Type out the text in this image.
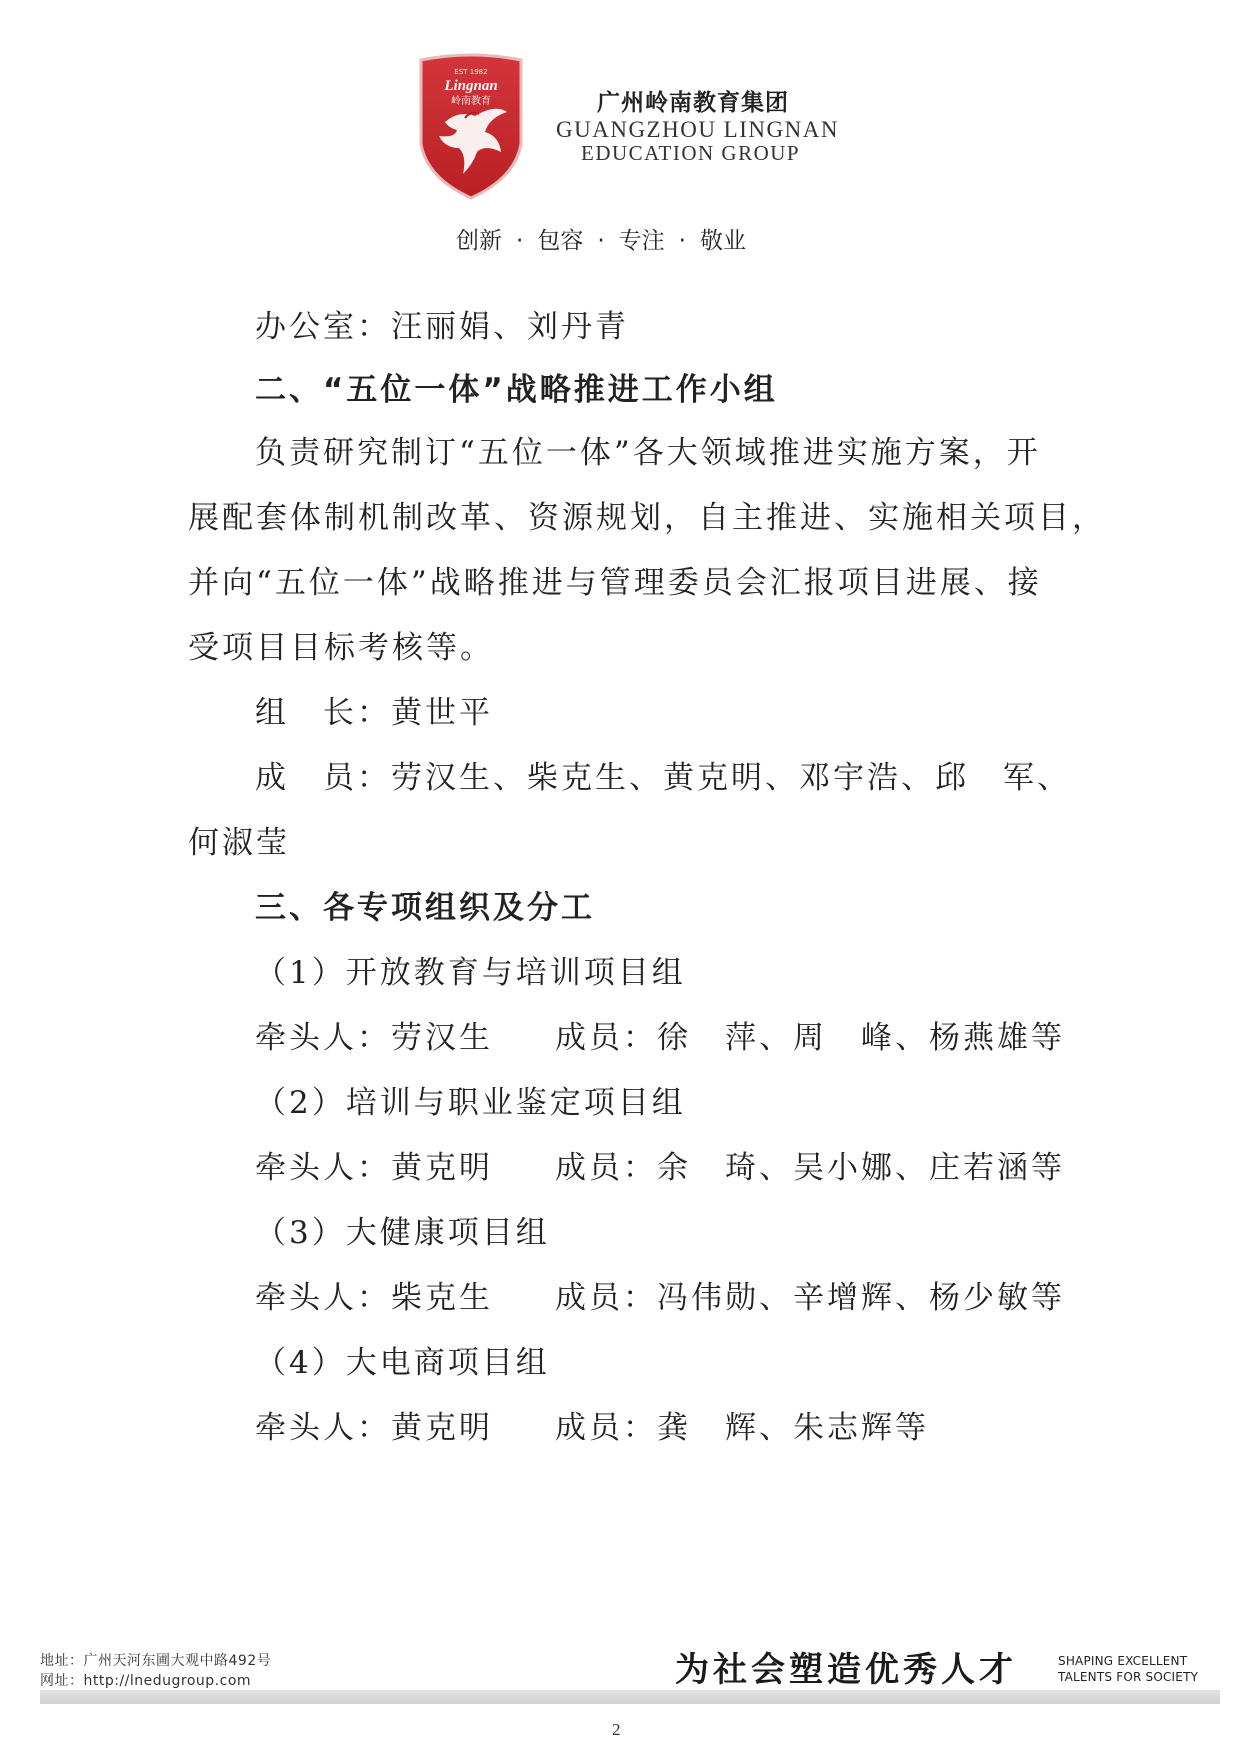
EST 1982
Lingnan
岭南教育	广州岭南教育集团
GUANGZHOU LINGNAN
EDUCATION GROUP
创新 · 包容 · 专注 · 敬业
办公室：汪丽娟、刘丹青
二、“五位一体”战略推进工作小组
负责研究制订“五位一体”各大领域推进实施方案，开
展配套体制机制改革、资源规划，自主推进、实施相关项目，
并向“五位一体”战略推进与管理委员会汇报项目进展、接
受项目目标考核等。
组　长：黄世平
成　员：劳汉生、柴克生、黄克明、邓宇浩、邱　军、
何淑莹
三、各专项组织及分工
（1）开放教育与培训项目组
牵头人：劳汉生 成员：徐　萍、周　峰、杨燕雄等
（2）培训与职业鉴定项目组
牵头人：黄克明 成员：余　琦、吴小娜、庄若涵等
（3）大健康项目组
牵头人：柴克生 成员：冯伟勋、辛增辉、杨少敏等
（4）大电商项目组
牵头人：黄克明 成员：龚　辉、朱志辉等
地址：广州天河东圃大观中路492号
网址：http://lnedugroup.com	为社会塑造优秀人才	SHAPING EXCELLENT
TALENTS FOR SOCIETY
2
